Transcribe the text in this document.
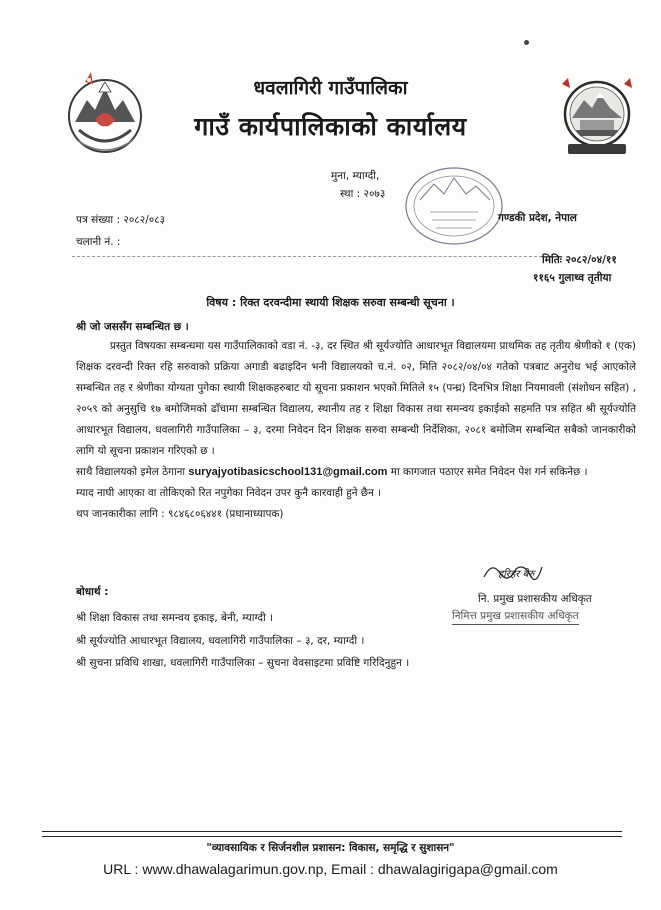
धवलागिरी गाउँपालिका
गाउँ कार्यपालिकाको कार्यालय
मुना, म्याग्दी,
स्था : २०७३
गण्डकी प्रदेश, नेपाल
पत्र संख्या : २०८२/०८३
चलानी नं. :
मितिः २०८२/०४/११
११६५ गुलाथ्व तृतीया
विषय : रिक्त दरवन्दीमा स्थायी शिक्षक सरुवा सम्बन्धी सूचना ।
श्री जो जससँग सम्बन्धित छ ।

प्रस्तुत विषयका सम्बन्धमा यस गाउँपालिकाको वडा नं. -३, दर स्थित श्री सूर्यज्योति आधारभूत विद्यालयमा प्राथमिक तह तृतीय श्रेणीको १ (एक) शिक्षक दरवन्दी रिक्त रहि सरुवाको प्रक्रिया अगाडी बढाइदिन भनी विद्यालयको च.नं. ०२, मिति २०८२/०४/०४ गतेको पत्रबाट अनुरोध भई आएकोले सम्बन्धित तह र श्रेणीका योग्यता पुगेका स्थायी शिक्षकहरुबाट यो सूचना प्रकाशन भएको मितिले १५ (पन्ध्र) दिनभित्र शिक्षा नियमावली (संशोधन सहित) , २०५९ को अनुसुचि १७ बमोजिमको ढाँचामा सम्बन्धित विद्यालय, स्थानीय तह र शिक्षा विकास तथा समन्वय इकाईको सहमति पत्र सहित श्री सूर्यज्योति आधारभूत विद्यालय, धवलागिरी गाउँपालिका – ३, दरमा निवेदन दिन शिक्षक सरुवा सम्बन्धी निर्देशिका, २०८१ बमोजिम सम्बन्धित सबैको जानकारीको लागि यो सूचना प्रकाशन गरिएको छ ।

साथै विद्यालयको इमेल ठेगाना suryajyotibasicschool131@gmail.com मा कागजात पठाएर समेत निवेदन पेश गर्न सकिनेछ ।

म्याद नाघी आएका वा तोकिएको रित नपुगेका निवेदन उपर कुनै कारवाही हुने छैन ।

थप जानकारीका लागि : ९८४६८०६४४१ (प्रधानाध्यापक)

हरिहर बेरु
नि. प्रमुख प्रशासकीय अधिकृत
निमित्त प्रमुख प्रशासकीय अधिकृत
बोधार्थ :
श्री शिक्षा विकास तथा समन्वय इकाइ, बेनी, म्याग्दी ।
श्री सूर्यज्योति आधारभूत विद्यालय, धवलागिरी गाउँपालिका – ३, दर, म्याग्दी ।
श्री सुचना प्रविधि शाखा, धवलागिरी गाउँपालिका – सुचना वेवसाइटमा प्रविष्टि गरिदिनुहुन ।
"व्यावसायिक र सिर्जनशील प्रशासन: विकास, समृद्धि र सुशासन"
URL : www.dhawalagarimun.gov.np, Email : dhawalagirigapa@gmail.com
